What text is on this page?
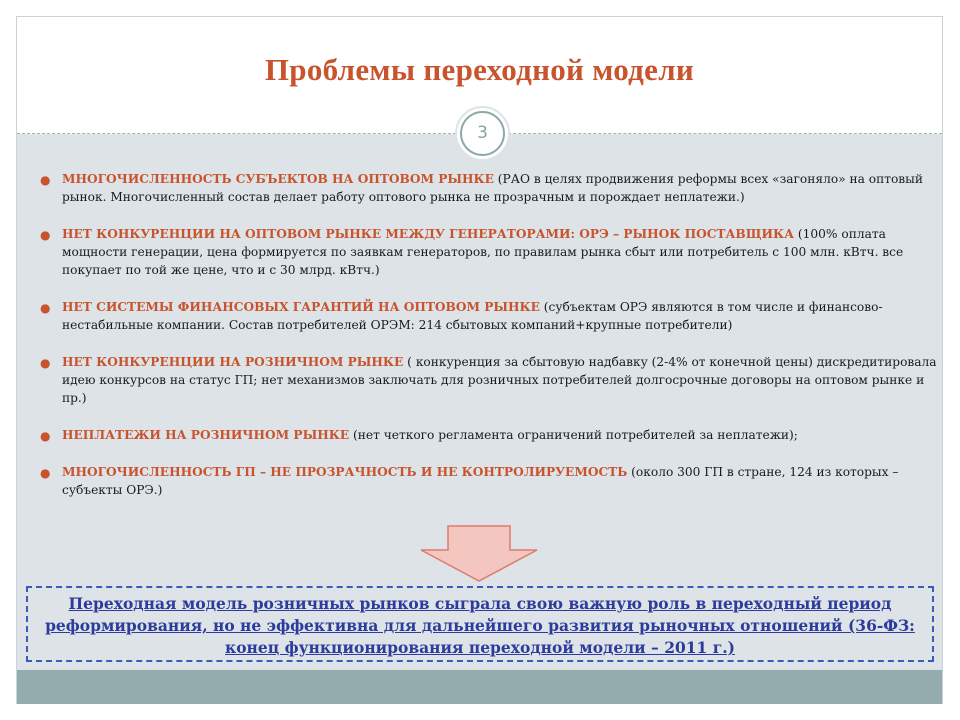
Проблемы переходной модели
3
● МНОГОЧИСЛЕННОСТЬ СУБЪЕКТОВ НА ОПТОВОМ РЫНКЕ (РАО в целях продвижения реформы всех «загоняло» на оптовый рынок. Многочисленный состав делает работу оптового рынка не прозрачным и порождает неплатежи.)
● НЕТ КОНКУРЕНЦИИ НА ОПТОВОМ РЫНКЕ МЕЖДУ ГЕНЕРАТОРАМИ: ОРЭ – РЫНОК ПОСТАВЩИКА (100% оплата мощности генерации, цена формируется по заявкам генераторов, по правилам рынка сбыт или потребитель с 100 млн. кВтч. все покупает по той же цене, что и с 30 млрд. кВтч.)
● НЕТ СИСТЕМЫ ФИНАНСОВЫХ ГАРАНТИЙ НА ОПТОВОМ РЫНКЕ (субъектам ОРЭ являются в том числе и финансово-нестабильные компании. Состав потребителей ОРЭМ: 214 сбытовых компаний+крупные потребители)
● НЕТ КОНКУРЕНЦИИ НА РОЗНИЧНОМ РЫНКЕ ( конкуренция за сбытовую надбавку (2-4% от конечной цены) дискредитировала идею конкурсов на статус ГП; нет механизмов заключать для розничных потребителей долгосрочные договоры на оптовом рынке и пр.)
● НЕПЛАТЕЖИ НА РОЗНИЧНОМ РЫНКЕ (нет четкого регламента ограничений потребителей за неплатежи);
● МНОГОЧИСЛЕННОСТЬ ГП – НЕ ПРОЗРАЧНОСТЬ И НЕ КОНТРОЛИРУЕМОСТЬ (около 300 ГП в стране, 124 из которых – субъекты ОРЭ.)
Переходная модель розничных рынков сыграла свою важную роль в переходный период реформирования, но не эффективна для дальнейшего развития рыночных отношений (36-ФЗ: конец функционирования переходной модели – 2011 г.)
